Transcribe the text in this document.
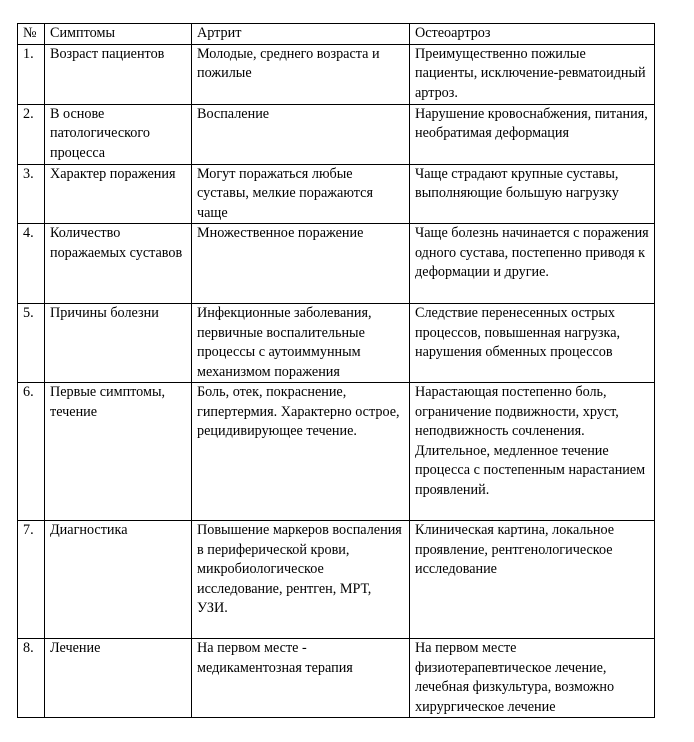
№	Симптомы	Артрит	Остеоартроз
1.	Возраст пациентов	Молодые, среднего возраста и пожилые	Преимущественно пожилые пациенты, исключение-ревматоидный артроз.
2.	В основе патологического процесса	Воспаление	Нарушение кровоснабжения, питания, необратимая деформация
3.	Характер поражения	Могут поражаться любые суставы, мелкие поражаются чаще	Чаще страдают крупные суставы, выполняющие большую нагрузку
4.	Количество поражаемых суставов	Множественное поражение	Чаще болезнь начинается с поражения одного сустава, постепенно приводя к деформации и другие.
5.	Причины болезни	Инфекционные заболевания, первичные воспалительные процессы с аутоиммунным механизмом поражения	Следствие перенесенных острых процессов, повышенная нагрузка, нарушения обменных процессов
6.	Первые симптомы, течение	Боль, отек, покраснение, гипертермия. Характерно острое, рецидивирующее течение.	Нарастающая постепенно боль, ограничение подвижности, хруст, неподвижность сочленения. Длительное, медленное течение процесса с постепенным нарастанием проявлений.
7.	Диагностика	Повышение маркеров воспаления в периферической крови, микробиологическое исследование, рентген, МРТ, УЗИ.	Клиническая картина, локальное проявление, рентгенологическое исследование
8.	Лечение	На первом месте - медикаментозная терапия	На первом месте физиотерапевтическое лечение, лечебная физкультура, возможно хирургическое лечение
